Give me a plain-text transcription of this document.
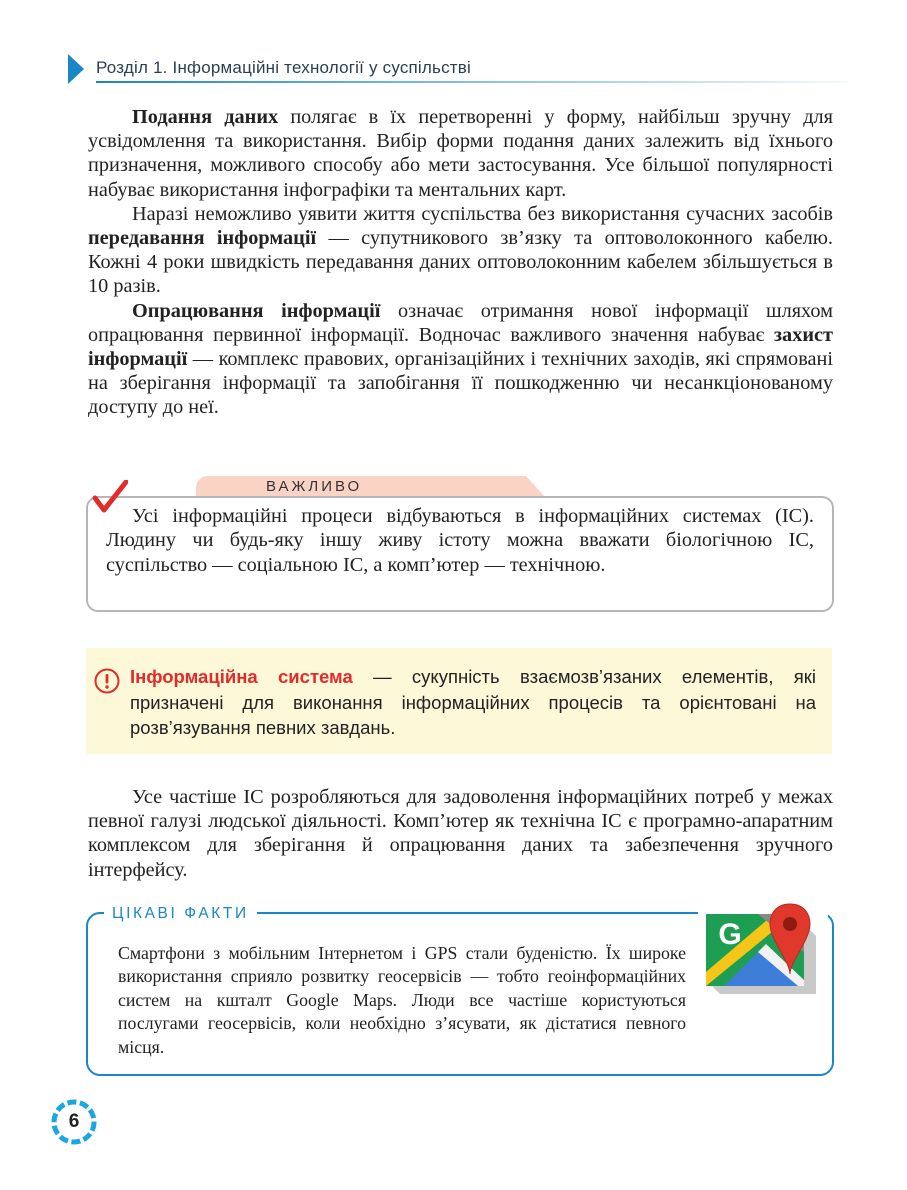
Розділ 1. Інформаційні технології у суспільстві

Подання даних полягає в їх перетворенні у форму, найбільш зручну для усвідомлення та використання. Вибір форми подання даних залежить від їхнього призначення, можливого способу або мети застосування. Усе більшої популярності набуває використання інфографіки та ментальних карт.

Наразі неможливо уявити життя суспільства без використання сучасних засобів передавання інформації — супутникового зв’язку та оптоволоконного кабелю. Кожні 4 роки швидкість передавання даних оптоволоконним кабелем збільшується в 10 разів.

Опрацювання інформації означає отримання нової інформації шляхом опрацювання первинної інформації. Водночас важливого значення набуває захист інформації — комплекс правових, організаційних і технічних заходів, які спрямовані на зберігання інформації та запобігання її пошкодженню чи несанкціонованому доступу до неї.

ВАЖЛИВО

Усі інформаційні процеси відбуваються в інформаційних системах (ІС). Людину чи будь-яку іншу живу істоту можна вважати біологічною ІС, суспільство — соціальною ІС, а комп’ютер — технічною.

Інформаційна система — сукупність взаємозв’язаних елементів, які призначені для виконання інформаційних процесів та орієнтовані на розв’язування певних завдань.

Усе частіше ІС розробляються для задоволення інформаційних потреб у межах певної галузі людської діяльності. Комп’ютер як технічна ІС є програмно-апаратним комплексом для зберігання й опрацювання даних та забезпечення зручного інтерфейсу.

ЦІКАВІ ФАКТИ

Смартфони з мобільним Інтернетом і GPS стали буденістю. Їх широке використання сприяло розвитку геосервісів — тобто геоінформаційних систем на кшталт Google Maps. Люди все частіше користуються послугами геосервісів, коли необхідно з’ясувати, як дістатися певного місця.

G
6
